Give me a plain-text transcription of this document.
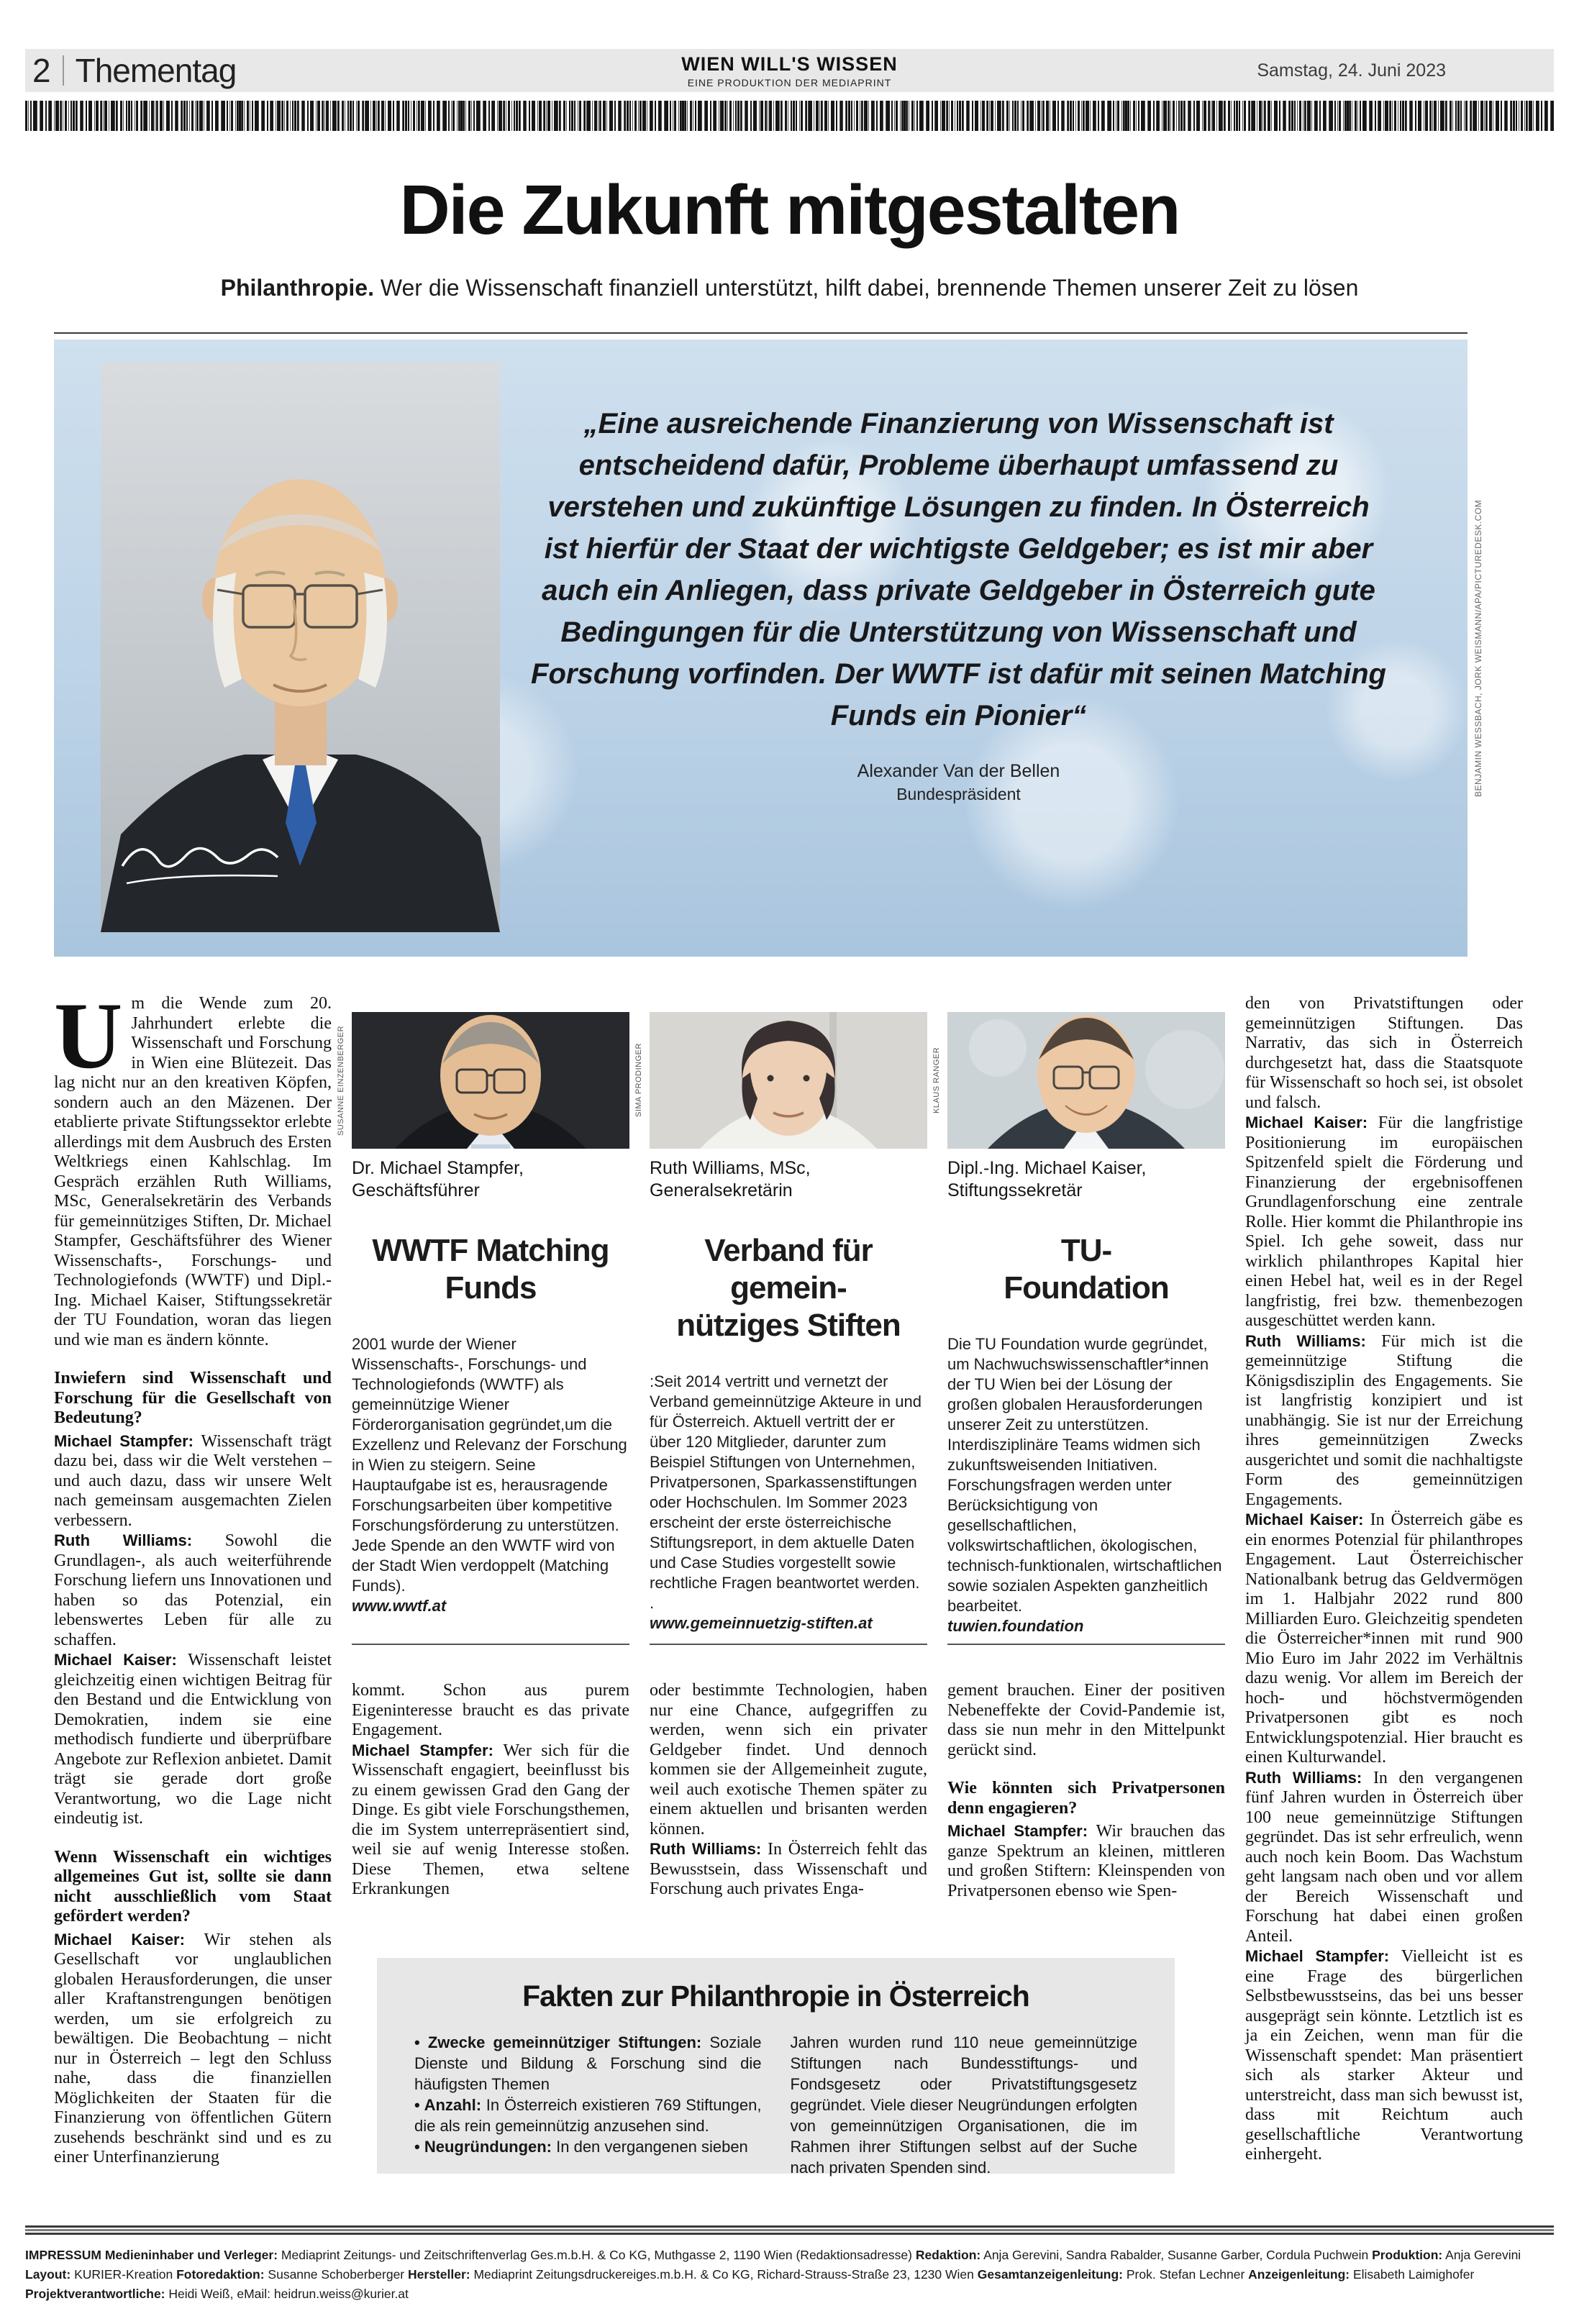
2 Thementag	WIEN WILL'S WISSEN
EINE PRODUKTION DER MEDIAPRINT
Samstag, 24. Juni 2023
Die Zukunft mitgestalten
Philanthropie. Wer die Wissenschaft finanziell unterstützt, hilft dabei, brennende Themen unserer Zeit zu lösen
„Eine ausreichende Finanzierung von Wissenschaft ist entscheidend dafür, Probleme überhaupt umfassend zu verstehen und zukünftige Lösungen zu finden. In Österreich ist hierfür der Staat der wichtigste Geldgeber; es ist mir aber auch ein Anliegen, dass private Geldgeber in Österreich gute Bedingungen für die Unterstützung von Wissenschaft und Forschung vorfinden. Der WWTF ist dafür mit seinen Matching Funds ein Pionier“
Alexander Van der Bellen
Bundespräsident	BENJAMIN WESSBACH, JORK WEISMANN/APA/PICTUREDESK.COM

Um die Wende zum 20. Jahrhundert erlebte die Wissenschaft und Forschung in Wien eine Blütezeit. Das lag nicht nur an den kreativen Köpfen, sondern auch an den Mäzenen. Der etablierte private Stiftungssektor erlebte allerdings mit dem Ausbruch des Ersten Weltkriegs einen Kahlschlag. Im Gespräch erzählen Ruth Williams, MSc, Generalsekretärin des Verbands für gemeinnütziges Stiften, Dr. Michael Stampfer, Geschäftsführer des Wiener Wissenschafts-, Forschungs- und Technologiefonds (WWTF) und Dipl.-Ing. Michael Kaiser, Stiftungssekretär der TU Foundation, woran das liegen und wie man es ändern könnte.

Inwiefern sind Wissenschaft und Forschung für die Gesellschaft von Bedeutung?

Michael Stampfer: Wissenschaft trägt dazu bei, dass wir die Welt verstehen – und auch dazu, dass wir unsere Welt nach gemeinsam ausgemachten Zielen verbessern.

Ruth Williams: Sowohl die Grundlagen-, als auch weiterführende Forschung liefern uns Innovationen und haben so das Potenzial, ein lebenswertes Leben für alle zu schaffen.

Michael Kaiser: Wissenschaft leistet gleichzeitig einen wichtigen Beitrag für den Bestand und die Entwicklung von Demokratien, indem sie eine methodisch fundierte und überprüfbare Angebote zur Reflexion anbietet. Damit trägt sie gerade dort große Verantwortung, wo die Lage nicht eindeutig ist.

Wenn Wissenschaft ein wichtiges allgemeines Gut ist, sollte sie dann nicht ausschließlich vom Staat gefördert werden?

Michael Kaiser: Wir stehen als Gesellschaft vor unglaublichen globalen Herausforderungen, die unser aller Kraftanstrengungen benötigen werden, um sie erfolgreich zu bewältigen. Die Beobachtung – nicht nur in Österreich – legt den Schluss nahe, dass die finanziellen Möglichkeiten der Staaten für die Finanzierung von öffentlichen Gütern zusehends beschränkt sind und es zu einer Unterfinanzierung

SUSANNE EINZENBERGER
Dr. Michael Stampfer,
Geschäftsführer
WWTF Matching
Funds
2001 wurde der Wiener Wissenschafts-, Forschungs- und Technologiefonds (WWTF) als gemeinnützige Wiener Förderorganisation gegründet,um die Exzellenz und Relevanz der Forschung in Wien zu steigern. Seine Hauptaufgabe ist es, herausragende Forschungsarbeiten über kompetitive Forschungsförderung zu unterstützen. Jede Spende an den WWTF wird von der Stadt Wien verdoppelt (Matching Funds).
www.wwtf.at

kommt. Schon aus purem Eigeninteresse braucht es das private Engagement.

Michael Stampfer: Wer sich für die Wissenschaft engagiert, beeinflusst bis zu einem gewissen Grad den Gang der Dinge. Es gibt viele Forschungsthemen, die im System unterrepräsentiert sind, weil sie auf wenig Interesse stoßen. Diese Themen, etwa seltene Erkrankungen

SIMA PRODINGER
Ruth Williams, MSc,
Generalsekretärin
Verband für gemein-
nütziges Stiften
:Seit 2014 vertritt und vernetzt der Verband gemeinnützige Akteure in und für Österreich. Aktuell vertritt der er über 120 Mitglieder, darunter zum Beispiel Stiftungen von Unternehmen, Privatpersonen, Sparkassenstiftungen oder Hochschulen. Im Sommer 2023 erscheint der erste österreichische Stiftungsreport, in dem aktuelle Daten und Case Studies vorgestellt sowie rechtliche Fragen beantwortet werden. .
www.gemeinnuetzig-stiften.at

oder bestimmte Technologien, haben nur eine Chance, aufgegriffen zu werden, wenn sich ein privater Geldgeber findet. Und dennoch kommen sie der Allgemeinheit zugute, weil auch exotische Themen später zu einem aktuellen und brisanten werden können.

Ruth Williams: In Österreich fehlt das Bewusstsein, dass Wissenschaft und Forschung auch privates Enga-

KLAUS RANGER
Dipl.-Ing. Michael Kaiser,
Stiftungssekretär
TU-
Foundation
Die TU Foundation wurde gegründet, um Nachwuchswissenschaftler*innen der TU Wien bei der Lösung der großen globalen Herausforderungen unserer Zeit zu unterstützen. Interdisziplinäre Teams widmen sich zukunftsweisenden Initiativen. Forschungsfragen werden unter Berücksichtigung von gesellschaftlichen, volkswirtschaftlichen, ökologischen, technisch-funktionalen, wirtschaftlichen sowie sozialen Aspekten ganzheitlich bearbeitet.
tuwien.foundation

gement brauchen. Einer der positiven Nebeneffekte der Covid-Pandemie ist, dass sie nun mehr in den Mittelpunkt gerückt sind.

Wie könnten sich Privatpersonen denn engagieren?

Michael Stampfer: Wir brauchen das ganze Spektrum an kleinen, mittleren und großen Stiftern: Kleinspenden von Privatpersonen ebenso wie Spen-

Fakten zur Philanthropie in Österreich

• Zwecke gemeinnütziger Stiftungen: Soziale Dienste und Bildung & Forschung sind die häufigsten Themen

• Anzahl: In Österreich existieren 769 Stiftungen, die als rein gemeinnützig anzusehen sind.

• Neugründungen: In den vergangenen sieben

Jahren wurden rund 110 neue gemeinnützige Stiftungen nach Bundesstiftungs- und Fondsgesetz oder Privatstiftungsgesetz gegründet. Viele dieser Neugründungen erfolgten von gemeinnützigen Organisationen, die im Rahmen ihrer Stiftungen selbst auf der Suche nach privaten Spenden sind.

den von Privatstiftungen oder gemeinnützigen Stiftungen. Das Narrativ, das sich in Österreich durchgesetzt hat, dass die Staatsquote für Wissenschaft so hoch sei, ist obsolet und falsch.

Michael Kaiser: Für die langfristige Positionierung im europäischen Spitzenfeld spielt die Förderung und Finanzierung der ergebnisoffenen Grundlagenforschung eine zentrale Rolle. Hier kommt die Philanthropie ins Spiel. Ich gehe soweit, dass nur wirklich philanthropes Kapital hier einen Hebel hat, weil es in der Regel langfristig, frei bzw. themenbezogen ausgeschüttet werden kann.

Ruth Williams: Für mich ist die gemeinnützige Stiftung die Königsdisziplin des Engagements. Sie ist langfristig konzipiert und ist unabhängig. Sie ist nur der Erreichung ihres gemeinnützigen Zwecks ausgerichtet und somit die nachhaltigste Form des gemeinnützigen Engagements.

Michael Kaiser: In Österreich gäbe es ein enormes Potenzial für philanthropes Engagement. Laut Österreichischer Nationalbank betrug das Geldvermögen im 1. Halbjahr 2022 rund 800 Milliarden Euro. Gleichzeitig spendeten die Österreicher*innen mit rund 900 Mio Euro im Jahr 2022 im Verhältnis dazu wenig. Vor allem im Bereich der hoch- und höchstvermögenden Privatpersonen gibt es noch Entwicklungspotenzial. Hier braucht es einen Kulturwandel.

Ruth Williams: In den vergangenen fünf Jahren wurden in Österreich über 100 neue gemeinnützige Stiftungen gegründet. Das ist sehr erfreulich, wenn auch noch kein Boom. Das Wachstum geht langsam nach oben und vor allem der Bereich Wissenschaft und Forschung hat dabei einen großen Anteil.

Michael Stampfer: Vielleicht ist es eine Frage des bürgerlichen Selbstbewusstseins, das bei uns besser ausgeprägt sein könnte. Letztlich ist es ja ein Zeichen, wenn man für die Wissenschaft spendet: Man präsentiert sich als starker Akteur und unterstreicht, dass man sich bewusst ist, dass mit Reichtum auch gesellschaftliche Verantwortung einhergeht.

IMPRESSUM Medieninhaber und Verleger: Mediaprint Zeitungs- und Zeitschriftenverlag Ges.m.b.H. & Co KG, Muthgasse 2, 1190 Wien (Redaktionsadresse) Redaktion: Anja Gerevini, Sandra Rabalder, Susanne Garber, Cordula Puchwein Produktion: Anja Gerevini Layout: KURIER-Kreation Fotoredaktion: Susanne Schoberberger Hersteller: Mediaprint Zeitungsdruckereiges.m.b.H. & Co KG, Richard-Strauss-Straße 23, 1230 Wien Gesamtanzeigenleitung: Prok. Stefan Lechner Anzeigenleitung: Elisabeth Laimighofer Projektverantwortliche: Heidi Weiß, eMail: heidrun.weiss@kurier.at
